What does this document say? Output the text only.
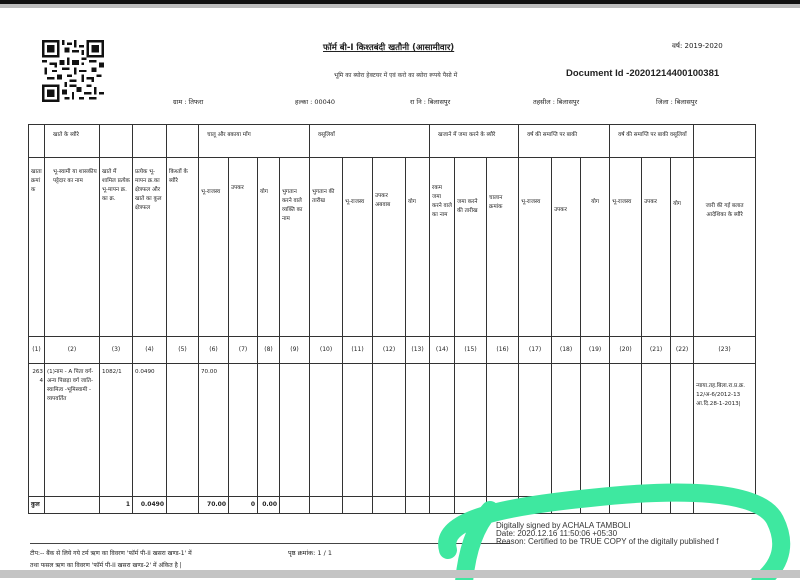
फॉर्म बी-I किश्तबंदी खतौनी (आसामीवार)	वर्ष: 2019-2020
भूमि का ब्योरा हेक्टयर में एवं करो का ब्योरा रूपये पैसो में	Document Id -20201214400100381
ग्राम : तिफरा	हल्का : 00040	रा नि : बिलासपुर	तहसील : बिलासपुर	जिला : बिलासपुर
	खाते के ब्यौरे				चालू और बकाया मॉंग				वसूलियॉं				खजाने में जमा करने के ब्यौरे			वर्ष की समाप्ति पर बाकी			वर्ष की समाप्ति पर बाकी वसूलियॉं			
खाता क्रमांक	भू-स्वामी या शासकीय पट्टेदार का नाम	खाते में शामिल प्रत्येक भू-मापन क्र. का क्र.	प्रत्येक भू-मापन क्र.का क्षेत्रफल और खाते का कुल क्षेत्रफल	किश्तों के ब्यौरे	भू-राजस्व	उपकर	योग	भुगतान करने वाले व्यक्ति का नाम	भुगतान की तारीख	भू-राजस्व	उपकर अबवाब	योग	रकम जमा करने वाले का नाम	जमा करने की तारीख	चालान क्रमांक	भू-राजस्व	उपकर	योग	भू-राजस्व	उपकर	योग	जारी की गई बलात आदेशिका के ब्यौरे
(1)	(2)	(3)	(4)	(5)	(6)	(7)	(8)	(9)	(10)	(11)	(12)	(13)	(14)	(15)	(16)	(17)	(18)	(19)	(20)	(21)	(22)	(23)
2634	(1)नाम - A पिता वर्ग- अन्य पिछड़ा वर्ग जाति- स्वामित्व -भूमिस्वामी - व्यपवर्तित	1082/1	0.0490		70.00																	न्याया.तह.बिला.रा.प्र.क्र. 12/अ-6/2012-13 आ.दि.28-1-2013|
कुल		1	0.0490		70.00	0	0.00															
टीप:-- बैंक से लिये गये टर्म ऋण का विवरण 'फॉर्म पी-II खसरा खण्ड-1' में
तथा फसल ऋण का विवरण 'फॉर्म पी-II खसरा खण्ड-2' में अंकित है |
पृष्ठ क्रमांक: 1 / 1
Digitally signed by ACHALA TAMBOLI
Date: 2020.12.16 11:50:06 +05:30
Reason: Certified to be TRUE COPY of the digitally published f
